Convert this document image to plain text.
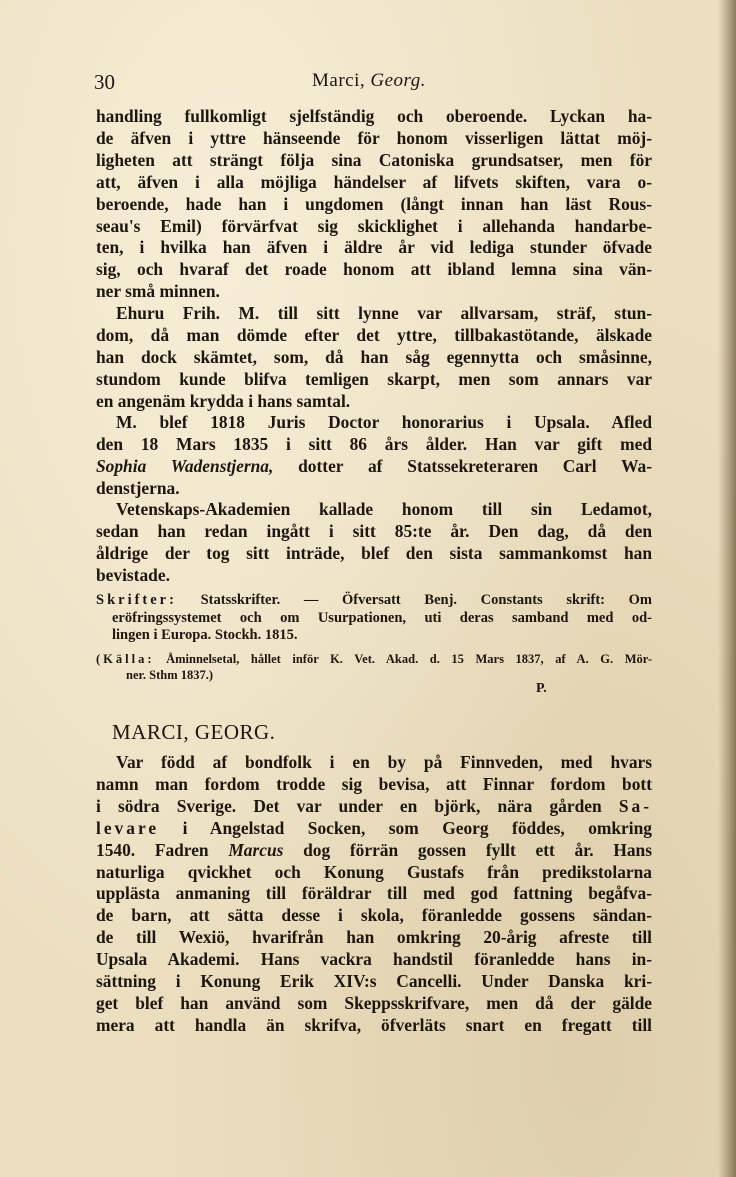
30	Marci, Georg.
handling fullkomligt sjelfständig och oberoende. Lyckan ha-
de äfven i yttre hänseende för honom visserligen lättat möj-
ligheten att strängt följa sina Catoniska grundsatser, men för
att, äfven i alla möjliga händelser af lifvets skiften, vara o-
beroende, hade han i ungdomen (långt innan han läst Rous-
seau's Emil) förvärfvat sig skicklighet i allehanda handarbe-
ten, i hvilka han äfven i äldre år vid lediga stunder öfvade
sig, och hvaraf det roade honom att ibland lemna sina vän-
ner små minnen.
Ehuru Frih. M. till sitt lynne var allvarsam, sträf, stun-
dom, då man dömde efter det yttre, tillbakastötande, älskade
han dock skämtet, som, då han såg egennytta och småsinne,
stundom kunde blifva temligen skarpt, men som annars var
en angenäm krydda i hans samtal.
M. blef 1818 Juris Doctor honorarius i Upsala. Afled
den 18 Mars 1835 i sitt 86 års ålder. Han var gift med
Sophia Wadenstjerna, dotter af Statssekreteraren Carl Wa-
denstjerna.
Vetenskaps-Akademien kallade honom till sin Ledamot,
sedan han redan ingått i sitt 85:te år. Den dag, då den
åldrige der tog sitt inträde, blef den sista sammankomst han
bevistade.
Skrifter: Statsskrifter. — Öfversatt Benj. Constants skrift: Om
eröfringssystemet och om Usurpationen, uti deras samband med od-
lingen i Europa. Stockh. 1815.
(Källa: Åminnelsetal, hållet inför K. Vet. Akad. d. 15 Mars 1837, af A. G. Mör-
ner. Sthm 1837.)
P.
MARCI, GEORG.
Var född af bondfolk i en by på Finnveden, med hvars
namn man fordom trodde sig bevisa, att Finnar fordom bott
i södra Sverige. Det var under en björk, nära gården Sa-
levare i Angelstad Socken, som Georg föddes, omkring
1540. Fadren Marcus dog förrän gossen fyllt ett år. Hans
naturliga qvickhet och Konung Gustafs från predikstolarna
upplästa anmaning till föräldrar till med god fattning begåfva-
de barn, att sätta desse i skola, föranledde gossens sändan-
de till Wexiö, hvarifrån han omkring 20-årig afreste till
Upsala Akademi. Hans vackra handstil föranledde hans in-
sättning i Konung Erik XIV:s Cancelli. Under Danska kri-
get blef han använd som Skeppsskrifvare, men då der gälde
mera att handla än skrifva, öfverläts snart en fregatt till
